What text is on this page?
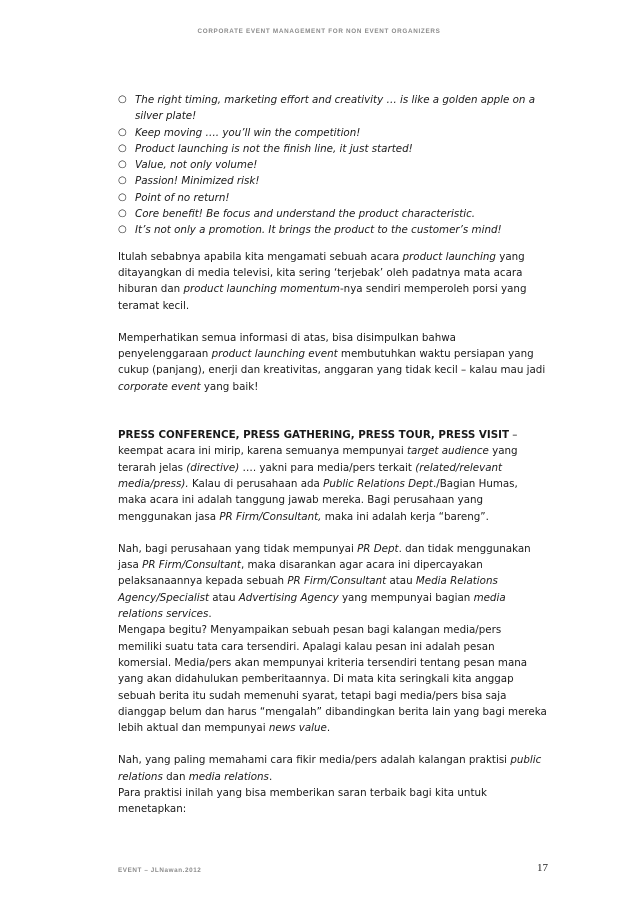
CORPORATE EVENT MANAGEMENT FOR NON EVENT ORGANIZERS
○ The right timing, marketing effort and creativity … is like a golden apple on a silver plate!
○ Keep moving …. you’ll win the competition!
○ Product launching is not the finish line, it just started!
○ Value, not only volume!
○ Passion! Minimized risk!
○ Point of no return!
○ Core benefit! Be focus and understand the product characteristic.
○ It’s not only a promotion. It brings the product to the customer’s mind!

Itulah sebabnya apabila kita mengamati sebuah acara product launching yang ditayangkan di media televisi, kita sering ‘terjebak’ oleh padatnya mata acara hiburan dan product launching momentum-nya sendiri memperoleh porsi yang teramat kecil.

Memperhatikan semua informasi di atas, bisa disimpulkan bahwa penyelenggaraan product launching event membutuhkan waktu persiapan yang cukup (panjang), enerji dan kreativitas, anggaran yang tidak kecil – kalau mau jadi corporate event yang baik!

PRESS CONFERENCE, PRESS GATHERING, PRESS TOUR, PRESS VISIT – keempat acara ini mirip, karena semuanya mempunyai target audience yang terarah jelas (directive) …. yakni para media/pers terkait (related/relevant media/press). Kalau di perusahaan ada Public Relations Dept./Bagian Humas, maka acara ini adalah tanggung jawab mereka. Bagi perusahaan yang menggunakan jasa PR Firm/Consultant, maka ini adalah kerja “bareng”.

Nah, bagi perusahaan yang tidak mempunyai PR Dept. dan tidak menggunakan jasa PR Firm/Consultant, maka disarankan agar acara ini dipercayakan pelaksanaannya kepada sebuah PR Firm/Consultant atau Media Relations Agency/Specialist atau Advertising Agency yang mempunyai bagian media relations services.

Mengapa begitu? Menyampaikan sebuah pesan bagi kalangan media/pers memiliki suatu tata cara tersendiri. Apalagi kalau pesan ini adalah pesan komersial. Media/pers akan mempunyai kriteria tersendiri tentang pesan mana yang akan didahulukan pemberitaannya. Di mata kita seringkali kita anggap sebuah berita itu sudah memenuhi syarat, tetapi bagi media/pers bisa saja dianggap belum dan harus “mengalah” dibandingkan berita lain yang bagi mereka lebih aktual dan mempunyai news value.

Nah, yang paling memahami cara fikir media/pers adalah kalangan praktisi public relations dan media relations.

Para praktisi inilah yang bisa memberikan saran terbaik bagi kita untuk menetapkan:

EVENT – JLNawan.2012	17
